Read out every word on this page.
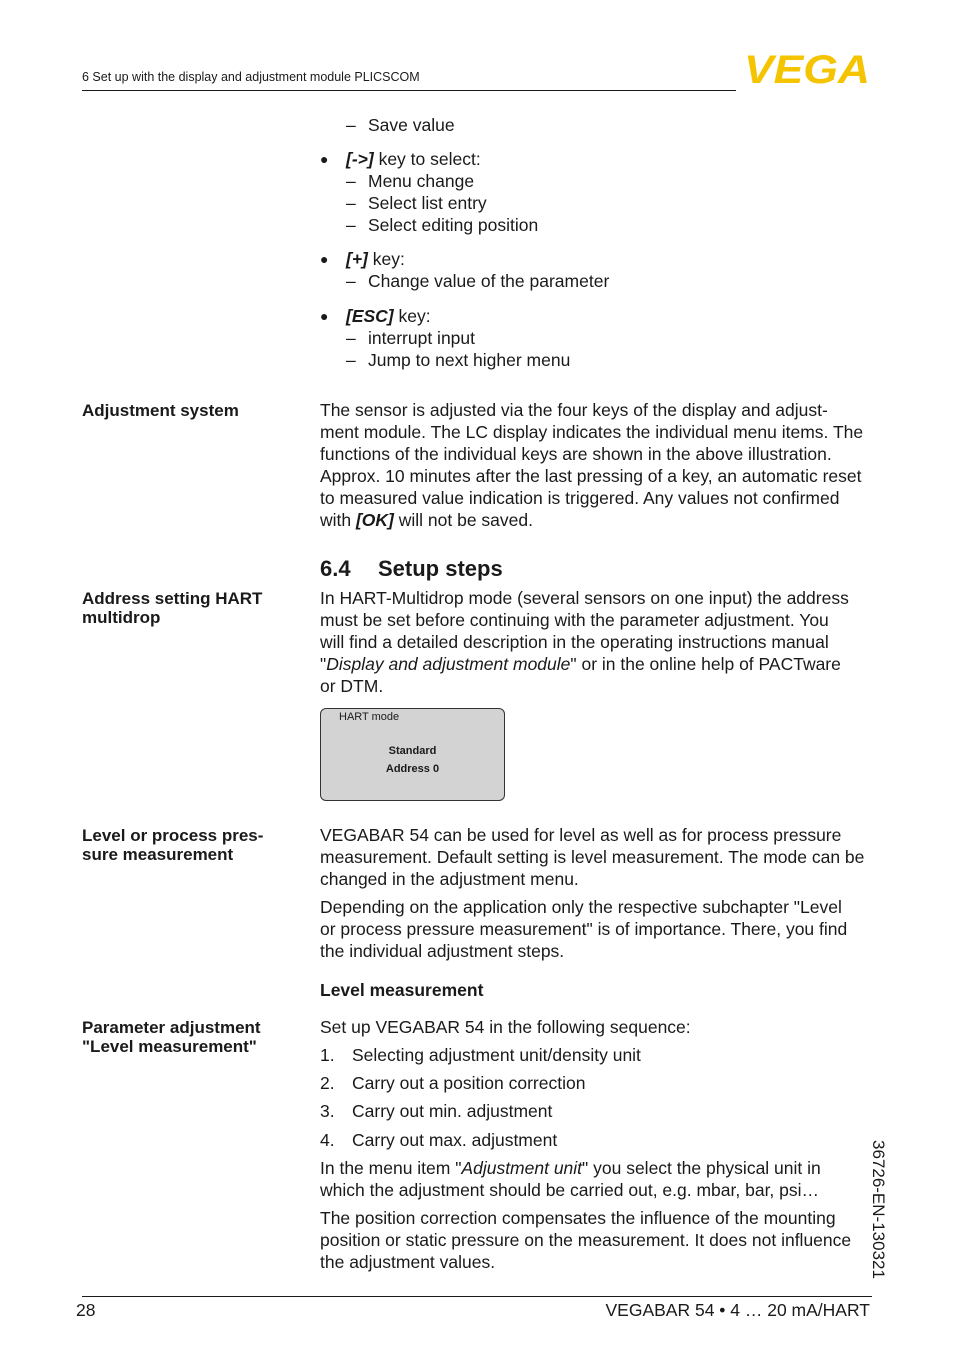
6 Set up with the display and adjustment module PLICSCOM	VEGA
– Save value
● [->] key to select:
– Menu change
– Select list entry
– Select editing position
● [+] key:
– Change value of the parameter
● [ESC] key:
– interrupt input
– Jump to next higher menu
Adjustment system	The sensor is adjusted via the four keys of the display and adjust-
ment module. The LC display indicates the individual menu items. The
functions of the individual keys are shown in the above illustration.
Approx. 10 minutes after the last pressing of a key, an automatic reset
to measured value indication is triggered. Any values not confirmed
with [OK] will not be saved.
6.4 Setup steps
Address setting HART
multidrop
In HART-Multidrop mode (several sensors on one input) the address
must be set before continuing with the parameter adjustment. You
will find a detailed description in the operating instructions manual
"Display and adjustment module" or in the online help of PACTware
or DTM.
HART mode
Standard
Address 0
Level or process pres-
sure measurement
VEGABAR 54 can be used for level as well as for process pressure
measurement. Default setting is level measurement. The mode can be
changed in the adjustment menu.
Depending on the application only the respective subchapter "Level
or process pressure measurement" is of importance. There, you find
the individual adjustment steps.
Level measurement
Parameter adjustment
"Level measurement"
Set up VEGABAR 54 in the following sequence:
1. Selecting adjustment unit/density unit
2. Carry out a position correction
3. Carry out min. adjustment
4. Carry out max. adjustment
In the menu item "Adjustment unit" you select the physical unit in
which the adjustment should be carried out, e.g. mbar, bar, psi…
The position correction compensates the influence of the mounting
position or static pressure on the measurement. It does not influence
the adjustment values.	36726-EN-130321
28	VEGABAR 54 • 4 … 20 mA/HART
